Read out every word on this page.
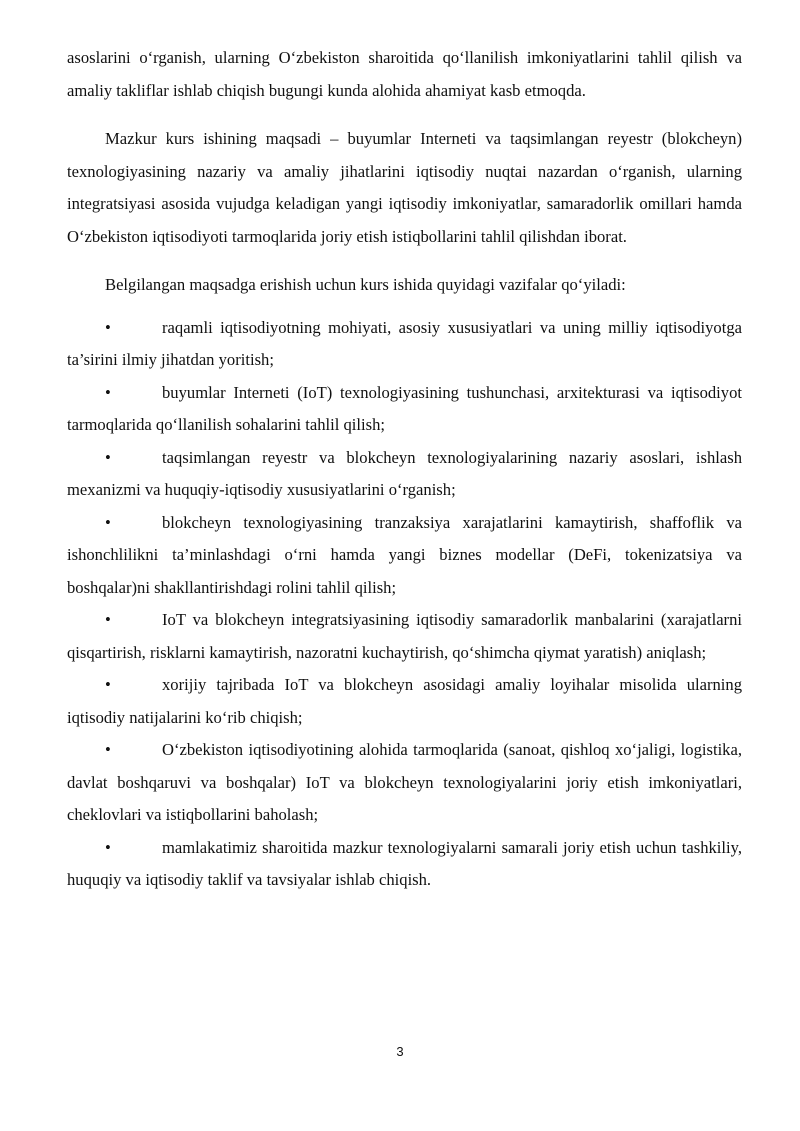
asoslarini oʻrganish, ularning Oʻzbekiston sharoitida qoʻllanilish imkoniyatlarini tahlil qilish va amaliy takliflar ishlab chiqish bugungi kunda alohida ahamiyat kasb etmoqda.

Mazkur kurs ishining maqsadi – buyumlar Interneti va taqsimlangan reyestr (blokcheyn) texnologiyasining nazariy va amaliy jihatlarini iqtisodiy nuqtai nazardan oʻrganish, ularning integratsiyasi asosida vujudga keladigan yangi iqtisodiy imkoniyatlar, samaradorlik omillari hamda Oʻzbekiston iqtisodiyoti tarmoqlarida joriy etish istiqbollarini tahlil qilishdan iborat.

Belgilangan maqsadga erishish uchun kurs ishida quyidagi vazifalar qoʻyiladi:

•	raqamli iqtisodiyotning mohiyati, asosiy xususiyatlari va uning milliy iqtisodiyotga ta’sirini ilmiy jihatdan yoritish;

•	buyumlar Interneti (IoT) texnologiyasining tushunchasi, arxitekturasi va iqtisodiyot tarmoqlarida qoʻllanilish sohalarini tahlil qilish;

•	taqsimlangan reyestr va blokcheyn texnologiyalarining nazariy asoslari, ishlash mexanizmi va huquqiy-iqtisodiy xususiyatlarini oʻrganish;

•	blokcheyn texnologiyasining tranzaksiya xarajatlarini kamaytirish, shaffoflik va ishonchlilikni ta’minlashdagi oʻrni hamda yangi biznes modellar (DeFi, tokenizatsiya va boshqalar)ni shakllantirishdagi rolini tahlil qilish;

•	IoT va blokcheyn integratsiyasining iqtisodiy samaradorlik manbalarini (xarajatlarni qisqartirish, risklarni kamaytirish, nazoratni kuchaytirish, qoʻshimcha qiymat yaratish) aniqlash;

•	xorijiy tajribada IoT va blokcheyn asosidagi amaliy loyihalar misolida ularning iqtisodiy natijalarini koʻrib chiqish;

•	Oʻzbekiston iqtisodiyotining alohida tarmoqlarida (sanoat, qishloq xoʻjaligi, logistika, davlat boshqaruvi va boshqalar) IoT va blokcheyn texnologiyalarini joriy etish imkoniyatlari, cheklovlari va istiqbollarini baholash;

•	mamlakatimiz sharoitida mazkur texnologiyalarni samarali joriy etish uchun tashkiliy, huquqiy va iqtisodiy taklif va tavsiyalar ishlab chiqish.

3
